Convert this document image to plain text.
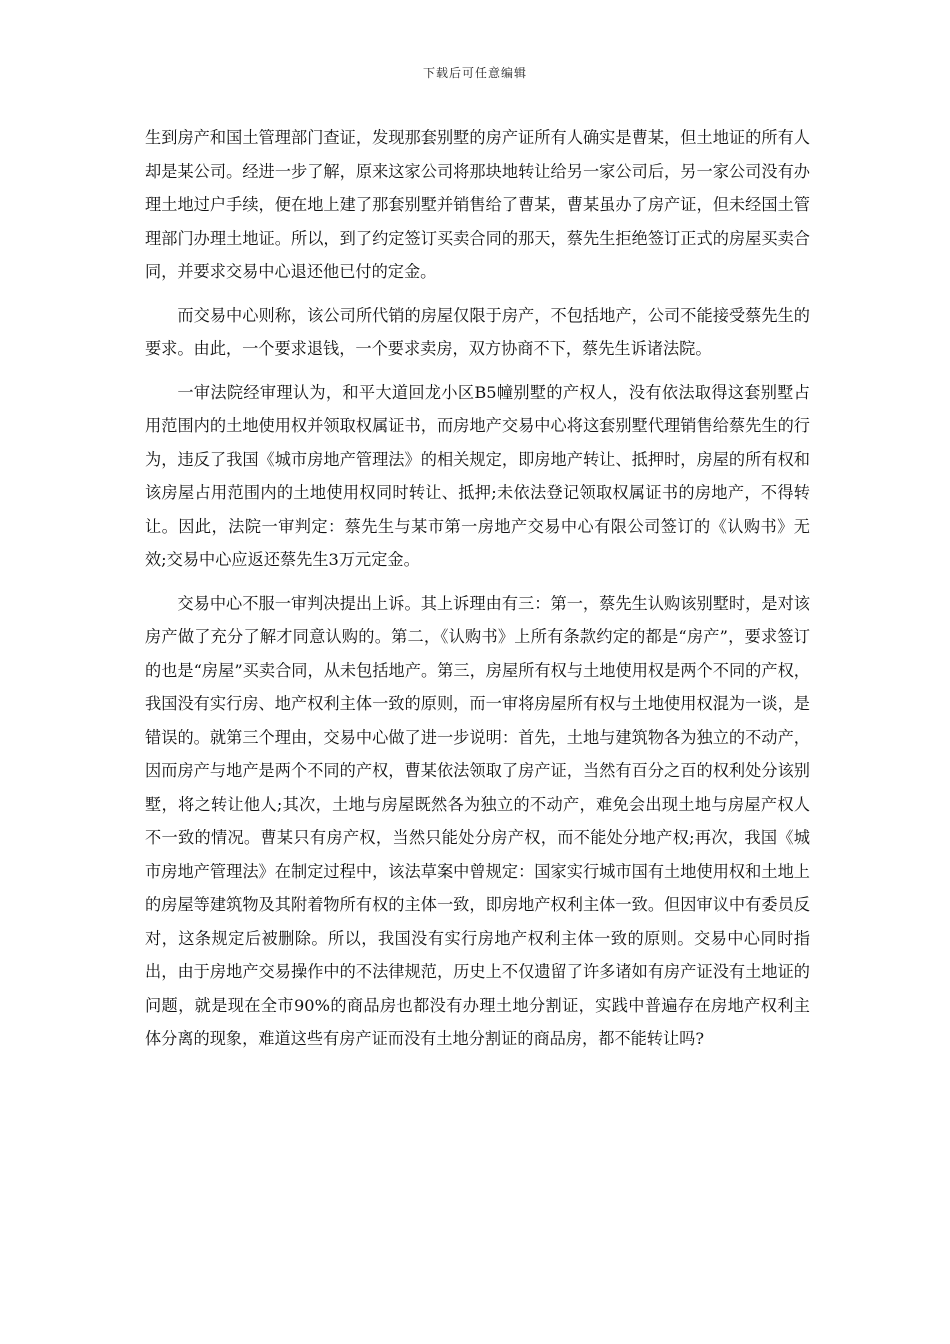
下载后可任意编辑

生到房产和国土管理部门查证，发现那套别墅的房产证所有人确实是曹某，但土地证的所有人却是某公司。经进一步了解，原来这家公司将那块地转让给另一家公司后，另一家公司没有办理土地过户手续，便在地上建了那套别墅并销售给了曹某，曹某虽办了房产证，但未经国土管理部门办理土地证。所以，到了约定签订买卖合同的那天，蔡先生拒绝签订正式的房屋买卖合同，并要求交易中心退还他已付的定金。

而交易中心则称，该公司所代销的房屋仅限于房产，不包括地产，公司不能接受蔡先生的要求。由此，一个要求退钱，一个要求卖房，双方协商不下，蔡先生诉诸法院。

一审法院经审理认为，和平大道回龙小区B5幢别墅的产权人，没有依法取得这套别墅占用范围内的土地使用权并领取权属证书，而房地产交易中心将这套别墅代理销售给蔡先生的行为，违反了我国《城市房地产管理法》的相关规定，即房地产转让、抵押时，房屋的所有权和该房屋占用范围内的土地使用权同时转让、抵押;未依法登记领取权属证书的房地产，不得转让。因此，法院一审判定：蔡先生与某市第一房地产交易中心有限公司签订的《认购书》无效;交易中心应返还蔡先生3万元定金。

交易中心不服一审判决提出上诉。其上诉理由有三：第一，蔡先生认购该别墅时，是对该房产做了充分了解才同意认购的。第二，《认购书》上所有条款约定的都是“房产”，要求签订的也是“房屋”买卖合同，从未包括地产。第三，房屋所有权与土地使用权是两个不同的产权，我国没有实行房、地产权利主体一致的原则，而一审将房屋所有权与土地使用权混为一谈，是错误的。就第三个理由，交易中心做了进一步说明：首先，土地与建筑物各为独立的不动产，因而房产与地产是两个不同的产权，曹某依法领取了房产证，当然有百分之百的权利处分该别墅，将之转让他人;其次，土地与房屋既然各为独立的不动产，难免会出现土地与房屋产权人不一致的情况。曹某只有房产权，当然只能处分房产权，而不能处分地产权;再次，我国《城市房地产管理法》在制定过程中，该法草案中曾规定：国家实行城市国有土地使用权和土地上的房屋等建筑物及其附着物所有权的主体一致，即房地产权利主体一致。但因审议中有委员反对，这条规定后被删除。所以，我国没有实行房地产权利主体一致的原则。交易中心同时指出，由于房地产交易操作中的不法律规范，历史上不仅遗留了许多诸如有房产证没有土地证的问题，就是现在全市90%的商品房也都没有办理土地分割证，实践中普遍存在房地产权利主体分离的现象，难道这些有房产证而没有土地分割证的商品房，都不能转让吗?
